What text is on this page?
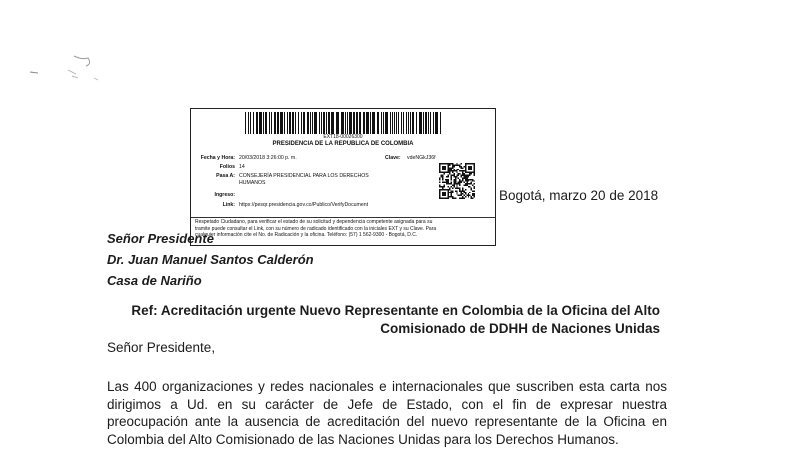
EXT18-00026300
PRESIDENCIA DE LA REPUBLICA DE COLOMBIA
Fecha y Hora: 20/03/2018 3:26:00 p. m.	Clave: vdeNGkJ36f
Folios 14
Pasa A: CONSEJERÍA PRESIDENCIAL PARA LOS DERECHOS
HUMANOS
Ingreso:
Link: https://pesqr.presidencia.gov.co/Publico/VerifyDocument
Respetado Ciudadano, para verificar el estado de su solicitud y dependencia competente asignada para su
tramite puede consultar el Link, con su número de radicado identificado con la iniciales EXT y su Clave. Para
cualquier información cite el No. de Radicación y la oficina. Teléfono: (57) 1 562-9300 - Bogotá, D.C.
Bogotá, marzo 20 de 2018
Señor Presidente
Dr. Juan Manuel Santos Calderón
Casa de Nariño
Ref: Acreditación urgente Nuevo Representante en Colombia de la Oficina del Alto
Comisionado de DDHH de Naciones Unidas
Señor Presidente,
Las 400 organizaciones y redes nacionales e internacionales que suscriben esta carta nos
dirigimos a Ud. en su carácter de Jefe de Estado, con el fin de expresar nuestra
preocupación ante la ausencia de acreditación del nuevo representante de la Oficina en
Colombia del Alto Comisionado de las Naciones Unidas para los Derechos Humanos.
